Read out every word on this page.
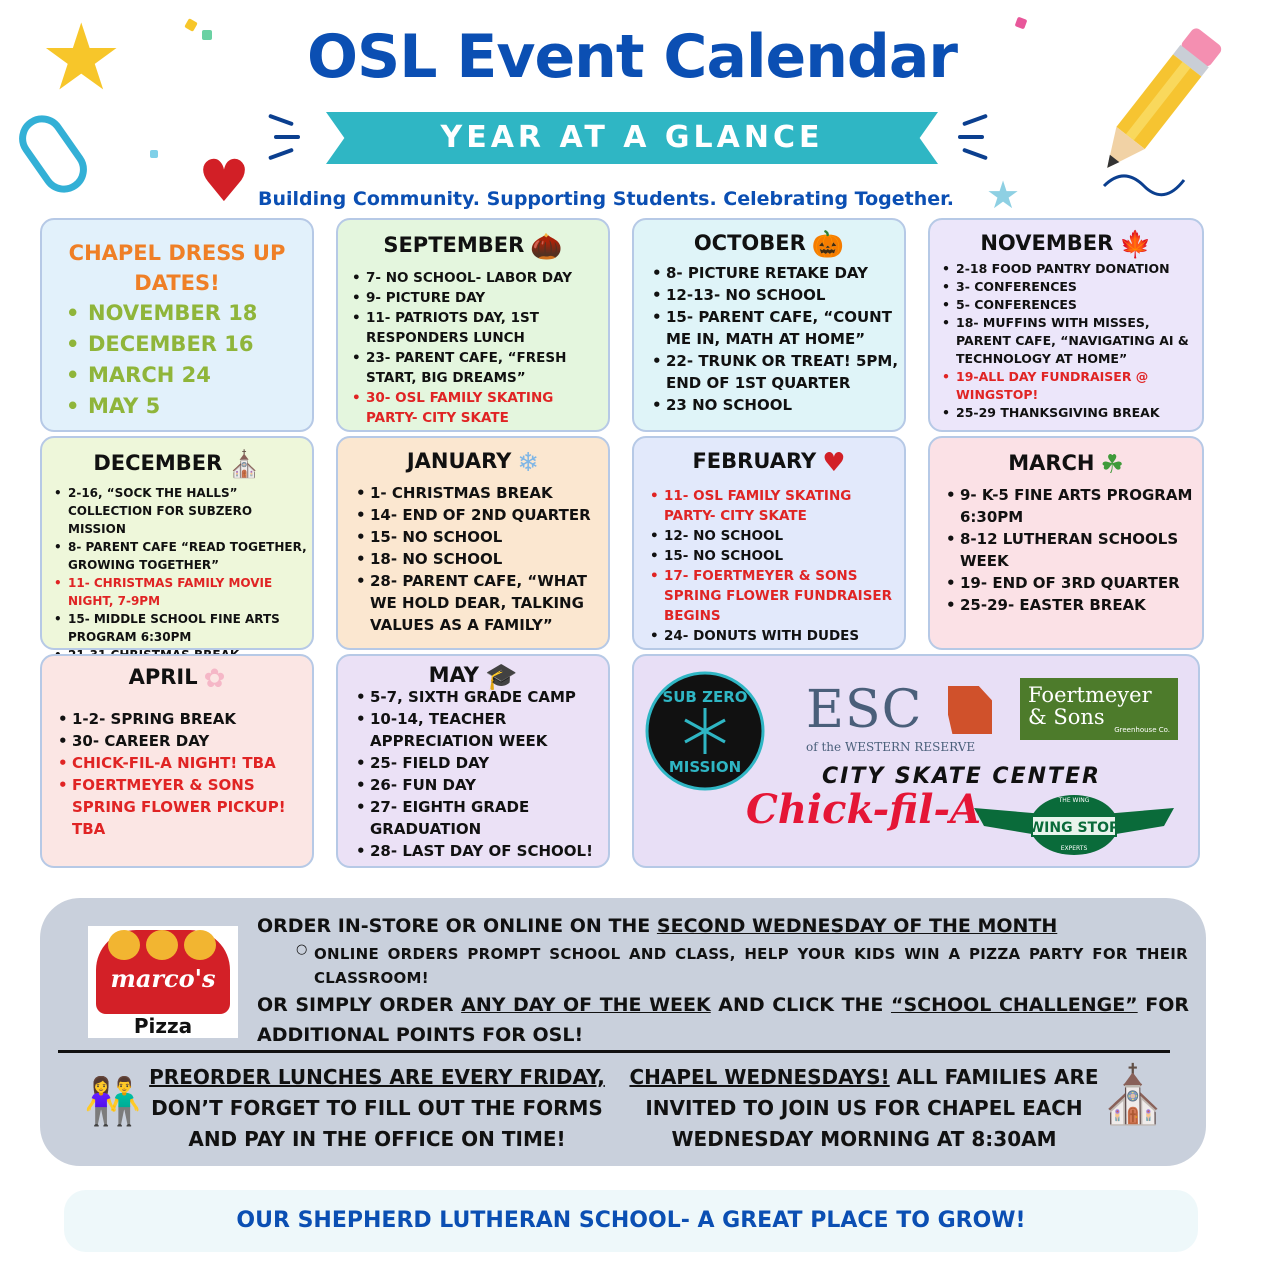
★	OSL Event Calendar
YEAR AT A GLANCE
♥	★
Building Community. Supporting Students. Celebrating Together.
CHAPEL DRESS UP DATES!
• NOVEMBER 18
• DECEMBER 16
• MARCH 24
• MAY 5
SEPTEMBER 🌰
• 7- NO SCHOOL- LABOR DAY
• 9- PICTURE DAY
• 11- PATRIOTS DAY, 1ST RESPONDERS LUNCH
• 23- PARENT CAFE, “FRESH START, BIG DREAMS”
• 30- OSL FAMILY SKATING PARTY- CITY SKATE
OCTOBER 🎃
• 8- PICTURE RETAKE DAY
• 12-13- NO SCHOOL
• 15- PARENT CAFE, “COUNT ME IN, MATH AT HOME”
• 22- TRUNK OR TREAT! 5PM, END OF 1ST QUARTER
• 23 NO SCHOOL
NOVEMBER 🍁
• 2-18 FOOD PANTRY DONATION
• 3- CONFERENCES
• 5- CONFERENCES
• 18- MUFFINS WITH MISSES, PARENT CAFE, “NAVIGATING AI & TECHNOLOGY AT HOME”
• 19-ALL DAY FUNDRAISER @ WINGSTOP!
• 25-29 THANKSGIVING BREAK
DECEMBER ⛪
• 2-16, “SOCK THE HALLS” COLLECTION FOR SUBZERO MISSION
• 8- PARENT CAFE “READ TOGETHER, GROWING TOGETHER”
• 11- CHRISTMAS FAMILY MOVIE NIGHT, 7-9PM
• 15- MIDDLE SCHOOL FINE ARTS PROGRAM 6:30PM
•
JANUARY ❄
• 1- CHRISTMAS BREAK
• 14- END OF 2ND QUARTER
• 15- NO SCHOOL
• 18- NO SCHOOL
• 28- PARENT CAFE, “WHAT WE HOLD DEAR, TALKING VALUES AS A FAMILY”
FEBRUARY ♥
• 11- OSL FAMILY SKATING PARTY- CITY SKATE
• 12- NO SCHOOL
• 15- NO SCHOOL
• 17- FOERTMEYER & SONS SPRING FLOWER FUNDRAISER BEGINS
• 24- DONUTS WITH DUDES
MARCH ☘
• 9- K-5 FINE ARTS PROGRAM 6:30PM
• 8-12 LUTHERAN SCHOOLS WEEK
• 19- END OF 3RD QUARTER
• 25-29- EASTER BREAK
APRIL ✿
• 1-2- SPRING BREAK
• 30- CAREER DAY
• CHICK-FIL-A NIGHT! TBA
• FOERTMEYER & SONS SPRING FLOWER PICKUP! TBA
MAY 🎓
• 5-7, SIXTH GRADE CAMP
• 10-14, TEACHER APPRECIATION WEEK
• 25- FIELD DAY
• 26- FUN DAY
• 27- EIGHTH GRADE GRADUATION
• 28- LAST DAY OF SCHOOL!
SUB ZERO
MISSION
ESC
of the WESTERN RESERVE
Foertmeyer
& Sons
Greenhouse Co.
CITY SKATE CENTER
Chick-fil-A	THE WING
WING STOP
EXPERTS
marco's
Pizza
ORDER IN-STORE OR ONLINE ON THE SECOND WEDNESDAY OF THE MONTH
○ ONLINE ORDERS PROMPT SCHOOL AND CLASS, HELP YOUR KIDS WIN A PIZZA PARTY FOR THEIR CLASSROOM!
OR SIMPLY ORDER ANY DAY OF THE WEEK AND CLICK THE “SCHOOL CHALLENGE” FOR ADDITIONAL POINTS FOR OSL!
👫 PREORDER LUNCHES ARE EVERY FRIDAY, DON’T FORGET TO FILL OUT THE FORMS AND PAY IN THE OFFICE ON TIME!
CHAPEL WEDNESDAYS! ALL FAMILIES ARE INVITED TO JOIN US FOR CHAPEL EACH WEDNESDAY MORNING AT 8:30AM
⛪
OUR SHEPHERD LUTHERAN SCHOOL- A GREAT PLACE TO GROW!
